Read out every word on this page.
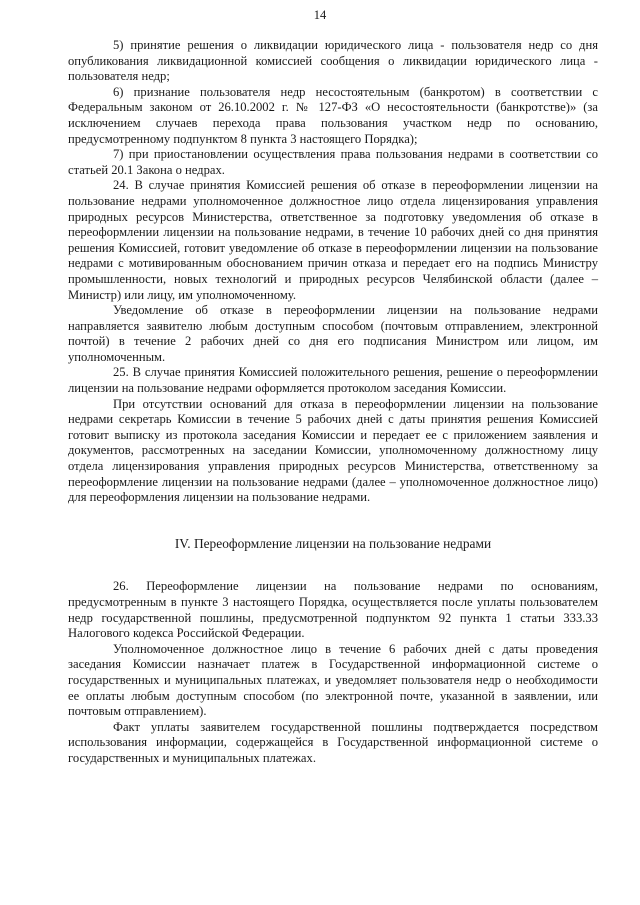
14

5) принятие решения о ликвидации юридического лица - пользователя недр со дня опубликования ликвидационной комиссией сообщения о ликвидации юридического лица - пользователя недр;

6) признание пользователя недр несостоятельным (банкротом) в соответствии с Федеральным законом от 26.10.2002 г. № 127-ФЗ «О несостоятельности (банкротстве)» (за исключением случаев перехода права пользования участком недр по основанию, предусмотренному подпунктом 8 пункта 3 настоящего Порядка);

7) при приостановлении осуществления права пользования недрами в соответствии со статьей 20.1 Закона о недрах.

24. В случае принятия Комиссией решения об отказе в переоформлении лицензии на пользование недрами уполномоченное должностное лицо отдела лицензирования управления природных ресурсов Министерства, ответственное за подготовку уведомления об отказе в переоформлении лицензии на пользование недрами, в течение 10 рабочих дней со дня принятия решения Комиссией, готовит уведомление об отказе в переоформлении лицензии на пользование недрами с мотивированным обоснованием причин отказа и передает его на подпись Министру промышленности, новых технологий и природных ресурсов Челябинской области (далее – Министр) или лицу, им уполномоченному.

Уведомление об отказе в переоформлении лицензии на пользование недрами направляется заявителю любым доступным способом (почтовым отправлением, электронной почтой) в течение 2 рабочих дней со дня его подписания Министром или лицом, им уполномоченным.

25. В случае принятия Комиссией положительного решения, решение о переоформлении лицензии на пользование недрами оформляется протоколом заседания Комиссии.

При отсутствии оснований для отказа в переоформлении лицензии на пользование недрами секретарь Комиссии в течение 5 рабочих дней с даты принятия решения Комиссией готовит выписку из протокола заседания Комиссии и передает ее с приложением заявления и документов, рассмотренных на заседании Комиссии, уполномоченному должностному лицу отдела лицензирования управления природных ресурсов Министерства, ответственному за переоформление лицензии на пользование недрами (далее – уполномоченное должностное лицо) для переоформления лицензии на пользование недрами.

IV. Переоформление лицензии на пользование недрами

26. Переоформление лицензии на пользование недрами по основаниям, предусмотренным в пункте 3 настоящего Порядка, осуществляется после уплаты пользователем недр государственной пошлины, предусмотренной подпунктом 92 пункта 1 статьи 333.33 Налогового кодекса Российской Федерации.

Уполномоченное должностное лицо в течение 6 рабочих дней с даты проведения заседания Комиссии назначает платеж в Государственной информационной системе о государственных и муниципальных платежах, и уведомляет пользователя недр о необходимости ее оплаты любым доступным способом (по электронной почте, указанной в заявлении, или почтовым отправлением).

Факт уплаты заявителем государственной пошлины подтверждается посредством использования информации, содержащейся в Государственной информационной системе о государственных и муниципальных платежах.
